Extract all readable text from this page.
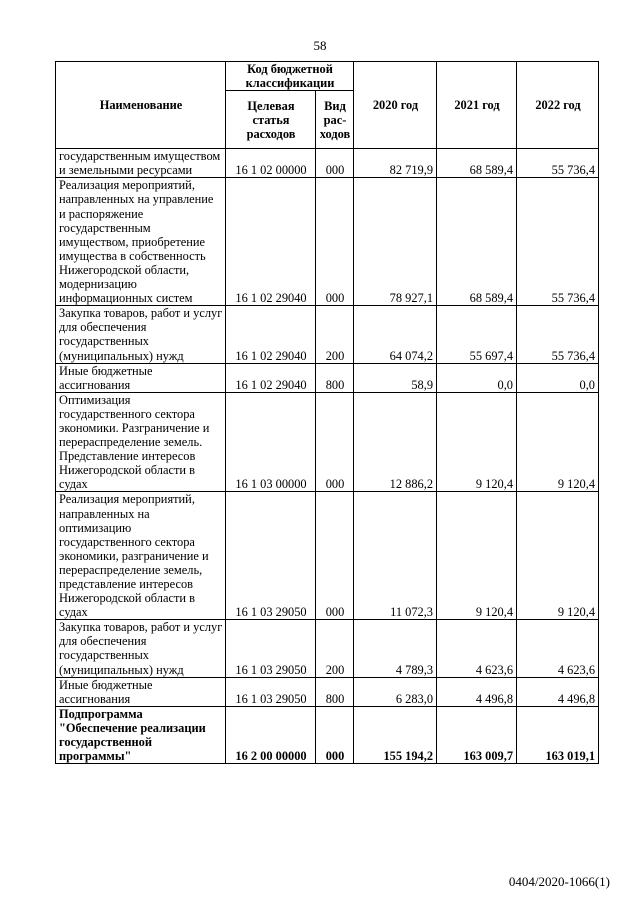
58
Наименование	Код бюджетной классификации		2020 год	2021 год	2022 год
	Целевая статья расходов	Вид рас-ходов			
государственным имуществом и земельными ресурсами	16 1 02 00000	000	82 719,9	68 589,4	55 736,4
Реализация мероприятий, направленных на управление и распоряжение государственным имуществом, приобретение имущества в собственность Нижегородской области, модернизацию информационных систем	16 1 02 29040	000	78 927,1	68 589,4	55 736,4
Закупка товаров, работ и услуг для обеспечения государственных (муниципальных) нужд	16 1 02 29040	200	64 074,2	55 697,4	55 736,4
Иные бюджетные ассигнования	16 1 02 29040	800	58,9	0,0	0,0
Оптимизация государственного сектора экономики. Разграничение и перераспределение земель. Представление интересов Нижегородской области в судах	16 1 03 00000	000	12 886,2	9 120,4	9 120,4
Реализация мероприятий, направленных на оптимизацию государственного сектора экономики, разграничение и перераспределение земель, представление интересов Нижегородской области в судах	16 1 03 29050	000	11 072,3	9 120,4	9 120,4
Закупка товаров, работ и услуг для обеспечения государственных (муниципальных) нужд	16 1 03 29050	200	4 789,3	4 623,6	4 623,6
Иные бюджетные ассигнования	16 1 03 29050	800	6 283,0	4 496,8	4 496,8
Подпрограмма "Обеспечение реализации государственной программы"	16 2 00 00000	000	155 194,2	163 009,7	163 019,1
0404/2020-1066(1)
